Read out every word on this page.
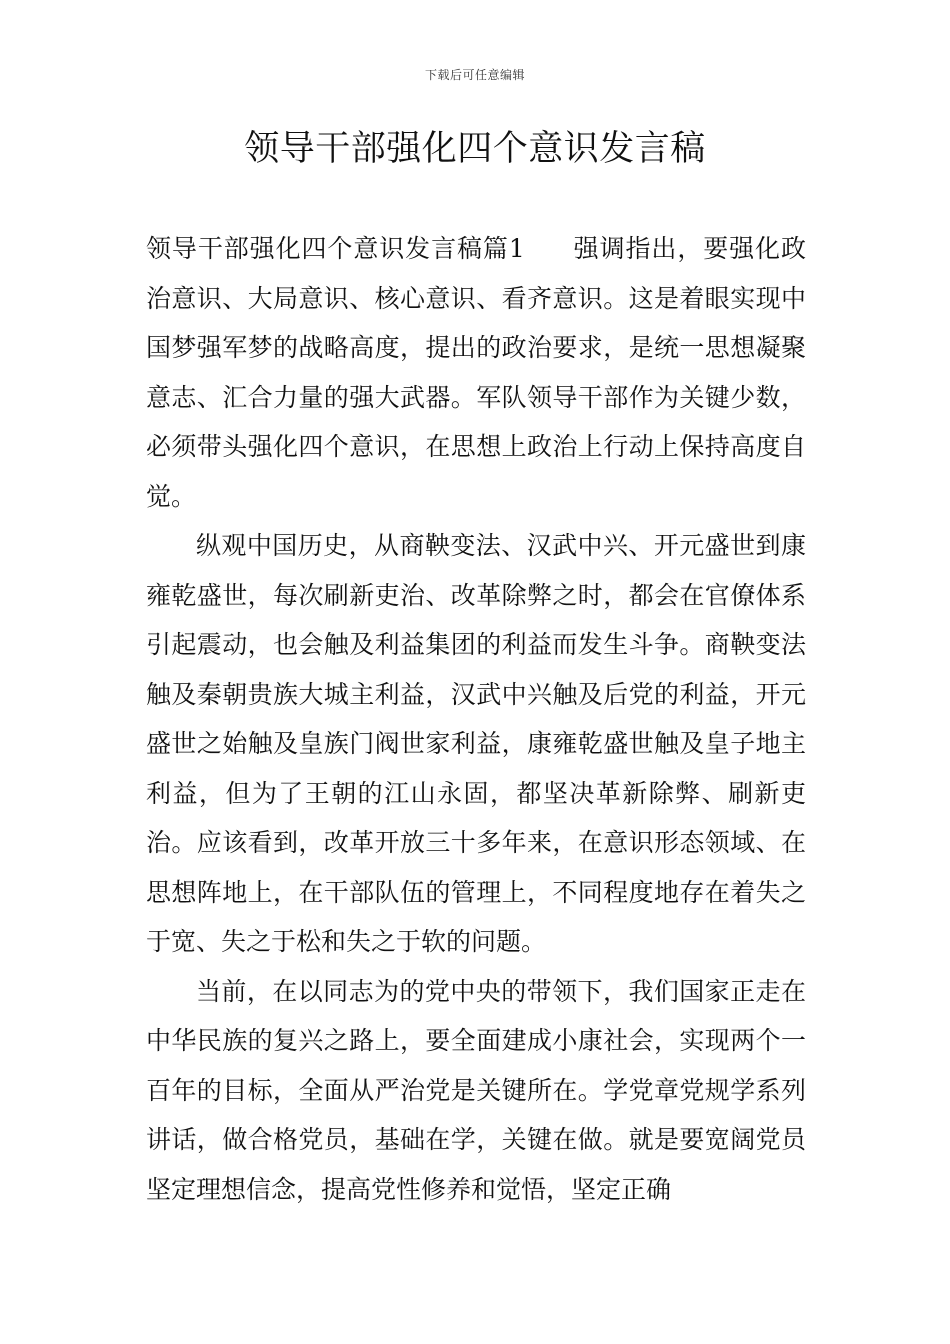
下载后可任意编辑
领导干部强化四个意识发言稿

领导干部强化四个意识发言稿篇1 强调指出，要强化政治意识、大局意识、核心意识、看齐意识。这是着眼实现中国梦强军梦的战略高度，提出的政治要求，是统一思想凝聚意志、汇合力量的强大武器。军队领导干部作为关键少数，必须带头强化四个意识，在思想上政治上行动上保持高度自觉。

纵观中国历史，从商鞅变法、汉武中兴、开元盛世到康雍乾盛世，每次刷新吏治、改革除弊之时，都会在官僚体系引起震动，也会触及利益集团的利益而发生斗争。商鞅变法触及秦朝贵族大城主利益，汉武中兴触及后党的利益，开元盛世之始触及皇族门阀世家利益，康雍乾盛世触及皇子地主利益，但为了王朝的江山永固，都坚决革新除弊、刷新吏治。应该看到，改革开放三十多年来，在意识形态领域、在思想阵地上，在干部队伍的管理上，不同程度地存在着失之于宽、失之于松和失之于软的问题。

当前，在以同志为的党中央的带领下，我们国家正走在中华民族的复兴之路上，要全面建成小康社会，实现两个一百年的目标，全面从严治党是关键所在。学党章党规学系列讲话，做合格党员，基础在学，关键在做。就是要宽阔党员坚定理想信念，提高党性修养和觉悟，坚定正确
